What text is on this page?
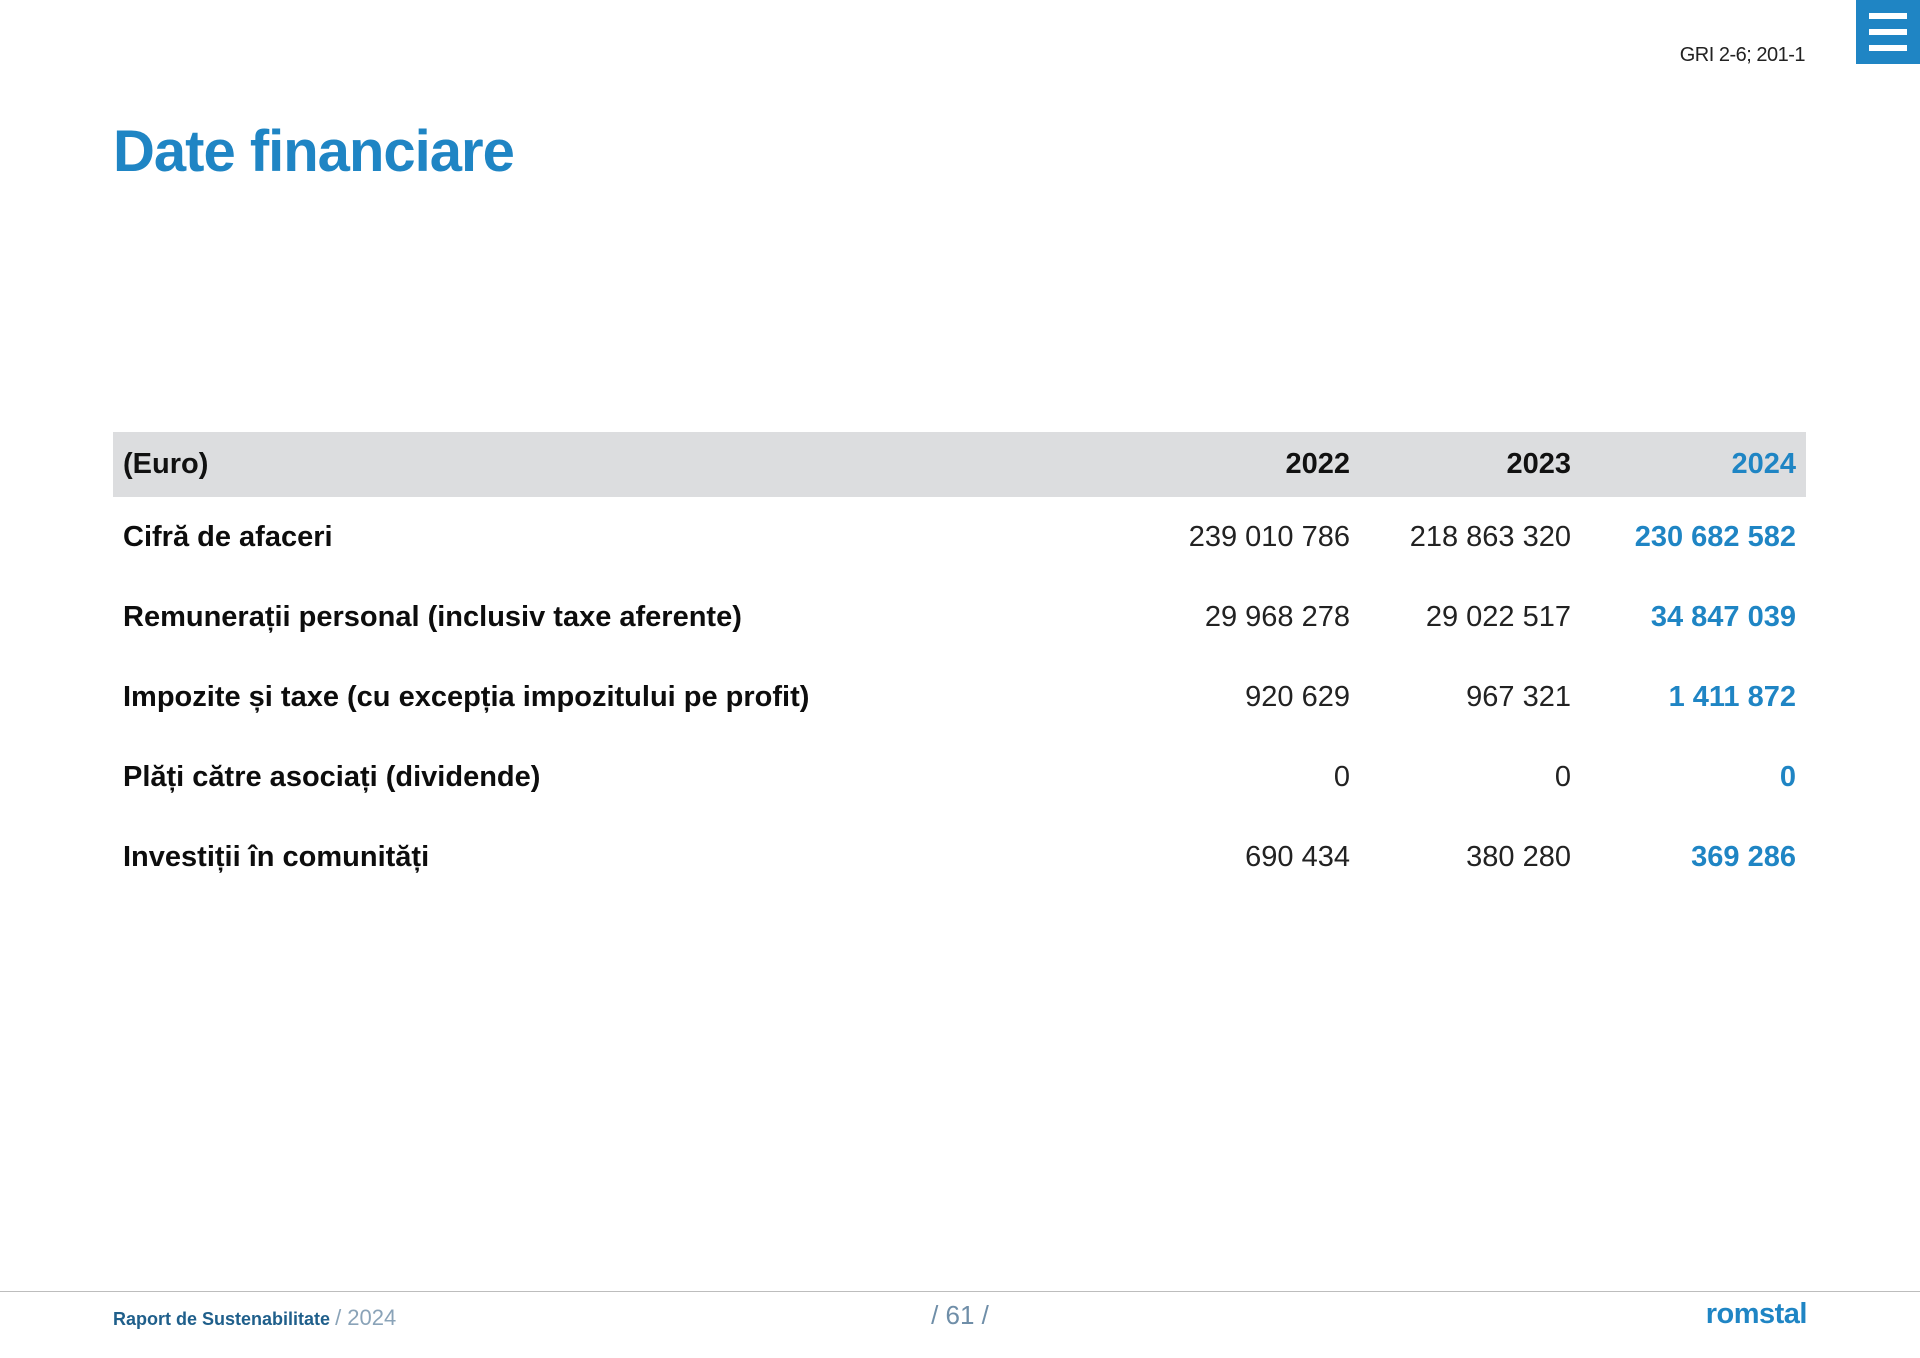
GRI 2-6; 201-1
Date financiare
(Euro)	2022	2023	2024
Cifră de afaceri	239 010 786	218 863 320	230 682 582
Remunerații personal (inclusiv taxe aferente)	29 968 278	29 022 517	34 847 039
Impozite și taxe (cu excepția impozitului pe profit)	920 629	967 321	1 411 872
Plăți către asociați (dividende)	0	0	0
Investiții în comunități	690 434	380 280	369 286
Raport de Sustenabilitate / 2024	/ 61 /	romstal
